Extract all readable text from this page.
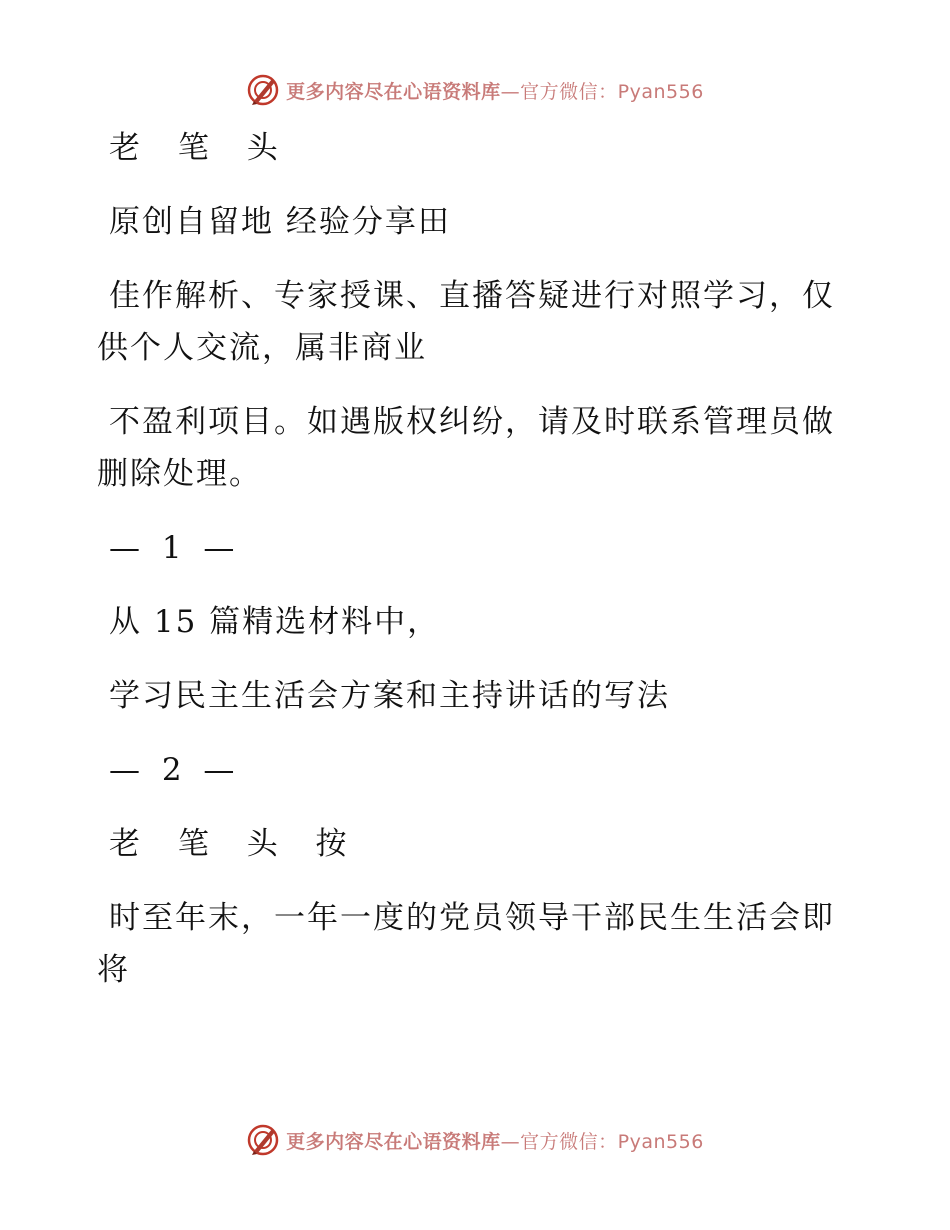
更多内容尽在心语资料库—官方微信：Pyan556

老 笔 头

原创自留地 经验分享田

佳作解析、专家授课、直播答疑进行对照学习，仅供个人交流，属非商业

不盈利项目。如遇版权纠纷，请及时联系管理员做删除处理。

— 1 —

从 15 篇精选材料中，

学习民主生活会方案和主持讲话的写法

— 2 —

老 笔 头 按

时至年末，一年一度的党员领导干部民生生活会即将

更多内容尽在心语资料库—官方微信：Pyan556
